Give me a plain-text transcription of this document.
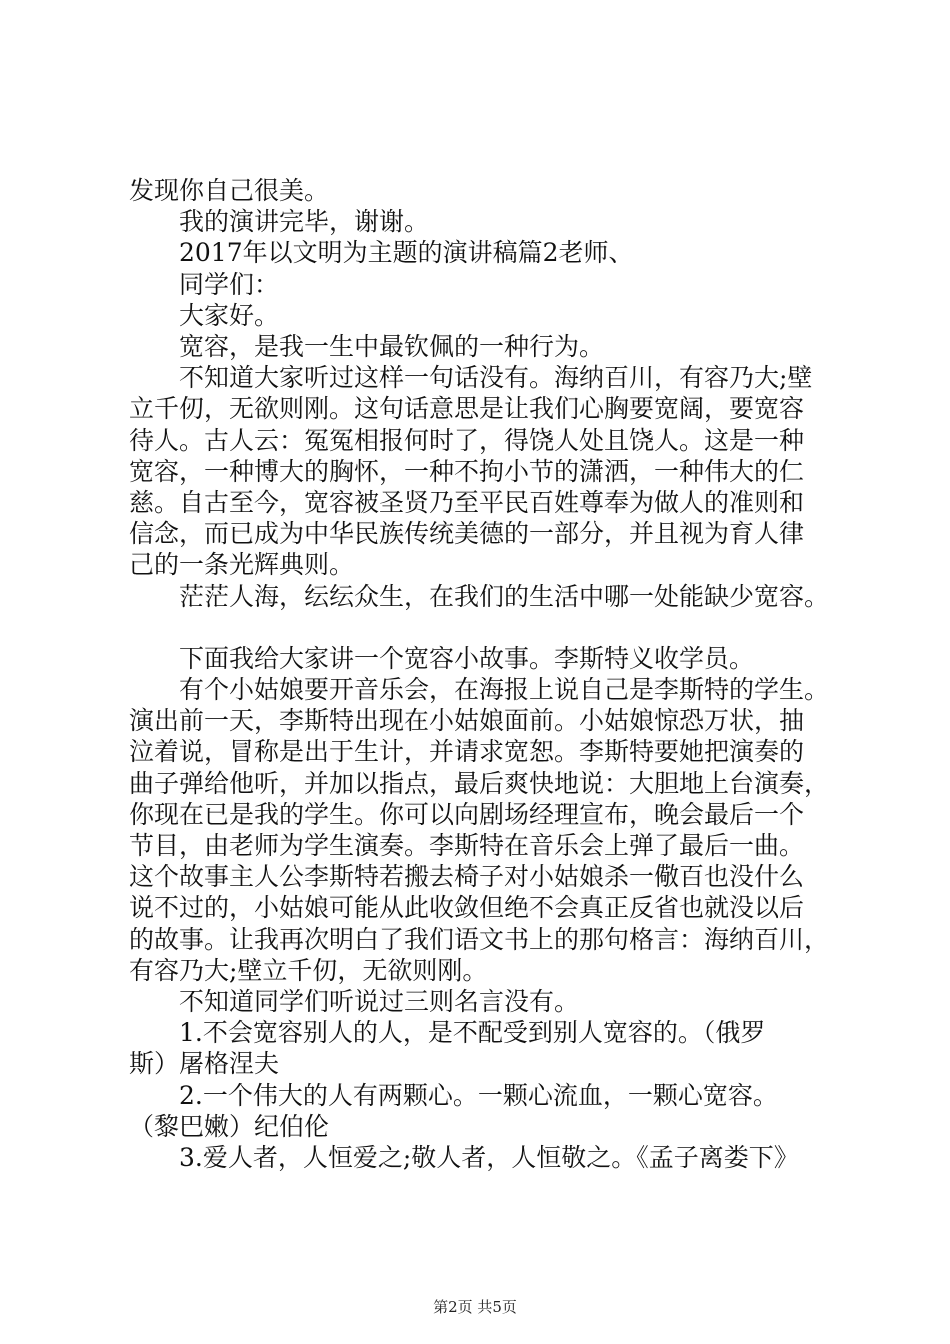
发现你自己很美。

我的演讲完毕，谢谢。

2017年以文明为主题的演讲稿篇2老师、

同学们：

大家好。

宽容，是我一生中最钦佩的一种行为。

不知道大家听过这样一句话没有。海纳百川，有容乃大;壁

立千仞，无欲则刚。这句话意思是让我们心胸要宽阔，要宽容

待人。古人云：冤冤相报何时了，得饶人处且饶人。这是一种

宽容，一种博大的胸怀，一种不拘小节的潇洒，一种伟大的仁

慈。自古至今，宽容被圣贤乃至平民百姓尊奉为做人的准则和

信念，而已成为中华民族传统美德的一部分，并且视为育人律

己的一条光辉典则。

茫茫人海，纭纭众生，在我们的生活中哪一处能缺少宽容。

下面我给大家讲一个宽容小故事。李斯特义收学员。

有个小姑娘要开音乐会，在海报上说自己是李斯特的学生。

演出前一天，李斯特出现在小姑娘面前。小姑娘惊恐万状，抽

泣着说，冒称是出于生计，并请求宽恕。李斯特要她把演奏的

曲子弹给他听，并加以指点，最后爽快地说：大胆地上台演奏，

你现在已是我的学生。你可以向剧场经理宣布，晚会最后一个

节目，由老师为学生演奏。李斯特在音乐会上弹了最后一曲。

这个故事主人公李斯特若搬去椅子对小姑娘杀一儆百也没什么

说不过的，小姑娘可能从此收敛但绝不会真正反省也就没以后

的故事。让我再次明白了我们语文书上的那句格言：海纳百川，

有容乃大;壁立千仞，无欲则刚。

不知道同学们听说过三则名言没有。

1.不会宽容别人的人，是不配受到别人宽容的。（俄罗

斯）屠格涅夫

2.一个伟大的人有两颗心。一颗心流血，一颗心宽容。

（黎巴嫩）纪伯伦

3.爱人者，人恒爱之;敬人者，人恒敬之。《孟子离娄下》

第2页 共5页
